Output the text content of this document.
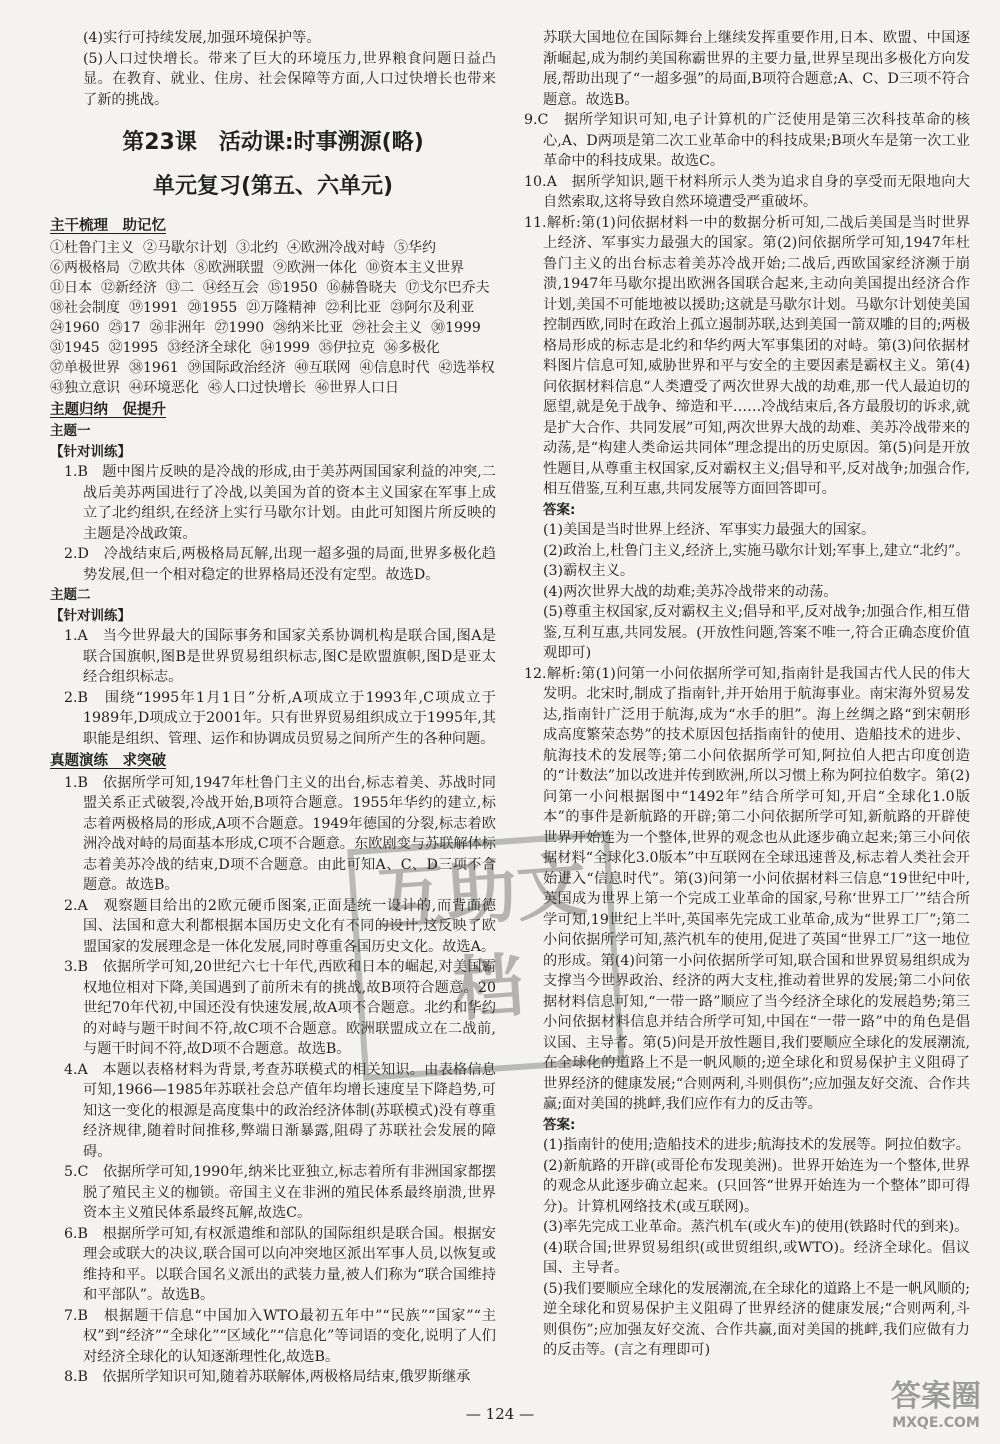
(4)实行可持续发展,加强环境保护等。

(5)人口过快增长。带来了巨大的环境压力,世界粮食问题日益凸显。在教育、就业、住房、社会保障等方面,人口过快增长也带来了新的挑战。

第23课　活动课:时事溯源(略)
单元复习(第五、六单元)
主干梳理　助记忆
①杜鲁门主义 ②马歇尔计划 ③北约 ④欧洲冷战对峙 ⑤华约
⑥两极格局 ⑦欧共体 ⑧欧洲联盟 ⑨欧洲一体化 ⑩资本主义世界
⑪日本 ⑫新经济 ⑬二 ⑭经互会 ⑮1950 ⑯赫鲁晓夫 ⑰戈尔巴乔夫
⑱社会制度 ⑲1991 ⑳1955 ㉑万隆精神 ㉒利比亚 ㉓阿尔及利亚
㉔1960 ㉕17 ㉖非洲年 ㉗1990 ㉘纳米比亚 ㉙社会主义 ㉚1999
㉛1945 ㉜1995 ㉝经济全球化 ㉞1999 ㉟伊拉克 ㊱多极化
㊲单极世界 ㊳1961 ㊴国际政治经济 ㊵互联网 ㊶信息时代 ㊷选举权
㊸独立意识 ㊹环境恶化 ㊺人口过快增长 ㊻世界人口日
主题归纳　促提升
主题一
【针对训练】

1.B　题中图片反映的是冷战的形成,由于美苏两国国家利益的冲突,二战后美苏两国进行了冷战,以美国为首的资本主义国家在军事上成立了北约组织,在经济上实行马歇尔计划。由此可知图片所反映的主题是冷战政策。

2.D　冷战结束后,两极格局瓦解,出现一超多强的局面,世界多极化趋势发展,但一个相对稳定的世界格局还没有定型。故选D。

主题二
【针对训练】

1.A　当今世界最大的国际事务和国家关系协调机构是联合国,图A是联合国旗帜,图B是世界贸易组织标志,图C是欧盟旗帜,图D是亚太经合组织标志。

2.B　围绕“1995年1月1日”分析,A项成立于1993年,C项成立于1989年,D项成立于2001年。只有世界贸易组织成立于1995年,其职能是组织、管理、运作和协调成员贸易之间所产生的各种问题。

真题演练　求突破

1.B　依据所学可知,1947年杜鲁门主义的出台,标志着美、苏战时同盟关系正式破裂,冷战开始,B项符合题意。1955年华约的建立,标志着两极格局的形成,A项不合题意。1949年德国的分裂,标志着欧洲冷战对峙的局面基本形成,C项不合题意。东欧剧变与苏联解体标志着美苏冷战的结束,D项不合题意。由此可知A、C、D三项不合题意。故选B。

2.A　观察题目给出的2欧元硬币图案,正面是统一设计的,而背面德国、法国和意大利都根据本国历史文化有不同的设计,这反映了欧盟国家的发展理念是一体化发展,同时尊重各国历史文化。故选A。

3.B　依据所学可知,20世纪六七十年代,西欧和日本的崛起,对美国霸权地位相对下降,美国遇到了前所未有的挑战,故B项符合题意。20世纪70年代初,中国还没有快速发展,故A项不合题意。北约和华约的对峙与题干时间不符,故C项不合题意。欧洲联盟成立在二战前,与题干时间不符,故D项不合题意。故选B。

4.A　本题以表格材料为背景,考查苏联模式的相关知识。由表格信息可知,1966—1985年苏联社会总产值年均增长速度呈下降趋势,可知这一变化的根源是高度集中的政治经济体制(苏联模式)没有尊重经济规律,随着时间推移,弊端日渐暴露,阻碍了苏联社会发展的障碍。

5.C　依据所学可知,1990年,纳米比亚独立,标志着所有非洲国家都摆脱了殖民主义的枷锁。帝国主义在非洲的殖民体系最终崩溃,世界资本主义殖民体系最终瓦解,故选C。

6.B　根据所学可知,有权派遣维和部队的国际组织是联合国。根据安理会或联大的决议,联合国可以向冲突地区派出军事人员,以恢复或维持和平。以联合国名义派出的武装力量,被人们称为“联合国维持和平部队”。故选B。

7.B　根据题干信息“中国加入WTO最初五年中”“民族”“国家”“主权”到“经济”“全球化”“区域化”“信息化”等词语的变化,说明了人们对经济全球化的认知逐渐理性化,故选B。

8.B　依据所学知识可知,随着苏联解体,两极格局结束,俄罗斯继承

苏联大国地位在国际舞台上继续发挥重要作用,日本、欧盟、中国逐渐崛起,成为制约美国称霸世界的主要力量,世界呈现出多极化方向发展,帮助出现了“一超多强”的局面,B项符合题意;A、C、D三项不符合题意。故选B。

9.C　据所学知识可知,电子计算机的广泛使用是第三次科技革命的核心,A、D两项是第二次工业革命中的科技成果;B项火车是第一次工业革命中的科技成果。故选C。

10.A　据所学知识,题干材料所示人类为追求自身的享受而无限地向大自然索取,这将导致自然环境遭受严重破坏。

11.解析:第(1)问依据材料一中的数据分析可知,二战后美国是当时世界上经济、军事实力最强大的国家。第(2)问依据所学可知,1947年杜鲁门主义的出台标志着美苏冷战开始;二战后,西欧国家经济濒于崩溃,1947年马歇尔提出欧洲各国联合起来,主动向美国提出经济合作计划,美国不可能地被以援助;这就是马歇尔计划。马歇尔计划使美国控制西欧,同时在政治上孤立遏制苏联,达到美国一箭双雕的目的;两极格局形成的标志是北约和华约两大军事集团的对峙。第(3)问依据材料图片信息可知,威胁世界和平与安全的主要因素是霸权主义。第(4)问依据材料信息“人类遭受了两次世界大战的劫难,那一代人最迫切的愿望,就是免于战争、缔造和平……冷战结束后,各方最殷切的诉求,就是扩大合作、共同发展”可知,两次世界大战的劫难、美苏冷战带来的动荡,是“构建人类命运共同体”理念提出的历史原因。第(5)问是开放性题目,从尊重主权国家,反对霸权主义;倡导和平,反对战争;加强合作,相互借鉴,互利互惠,共同发展等方面回答即可。

答案:

(1)美国是当时世界上经济、军事实力最强大的国家。

(2)政治上,杜鲁门主义,经济上,实施马歇尔计划;军事上,建立“北约”。

(3)霸权主义。

(4)两次世界大战的劫难;美苏冷战带来的动荡。

(5)尊重主权国家,反对霸权主义;倡导和平,反对战争;加强合作,相互借鉴,互利互惠,共同发展。(开放性问题,答案不唯一,符合正确态度价值观即可)

12.解析:第(1)问第一小问依据所学可知,指南针是我国古代人民的伟大发明。北宋时,制成了指南针,并开始用于航海事业。南宋海外贸易发达,指南针广泛用于航海,成为“水手的胆”。海上丝绸之路“到宋朝形成高度繁荣态势”的技术原因包括指南针的使用、造船技术的进步、航海技术的发展等;第二小问依据所学可知,阿拉伯人把古印度创造的“计数法”加以改进并传到欧洲,所以习惯上称为阿拉伯数字。第(2)问第一小问根据图中“1492年”结合所学可知,开启“全球化1.0版本”的事件是新航路的开辟;第二小问依据所学可知,新航路的开辟使世界开始连为一个整体,世界的观念也从此逐步确立起来;第三小问依据材料“全球化3.0版本”中互联网在全球迅速普及,标志着人类社会开始进入“信息时代”。第(3)问第一小问依据材料三信息“19世纪中叶,英国成为世界上第一个完成工业革命的国家,号称‘世界工厂’”结合所学可知,19世纪上半叶,英国率先完成工业革命,成为“世界工厂”;第二小问依据所学可知,蒸汽机车的使用,促进了英国“世界工厂”这一地位的形成。第(4)问第一小问依据所学可知,联合国和世界贸易组织成为支撑当今世界政治、经济的两大支柱,推动着世界的发展;第二小问依据材料信息可知,“一带一路”顺应了当今经济全球化的发展趋势;第三小问依据材料信息并结合所学可知,中国在“一带一路”中的角色是倡议国、主导者。第(5)问是开放性题目,我们要顺应全球化的发展潮流,在全球化的道路上不是一帆风顺的;逆全球化和贸易保护主义阻碍了世界经济的健康发展;“合则两利,斗则俱伤”;应加强友好交流、合作共赢;面对美国的挑衅,我们应作有力的反击等。

答案:

(1)指南针的使用;造船技术的进步;航海技术的发展等。阿拉伯数字。

(2)新航路的开辟(或哥伦布发现美洲)。世界开始连为一个整体,世界的观念从此逐步确立起来。(只回答“世界开始连为一个整体”即可得分)。计算机网络技术(或互联网)。

(3)率先完成工业革命。蒸汽机车(或火车)的使用(铁路时代的到来)。

(4)联合国;世界贸易组织(或世贸组织,或WTO)。经济全球化。倡议国、主导者。

(5)我们要顺应全球化的发展潮流,在全球化的道路上不是一帆风顺的;逆全球化和贸易保护主义阻碍了世界经济的健康发展;“合则两利,斗则俱伤”;应加强友好交流、合作共赢,面对美国的挑衅,我们应做有力的反击等。(言之有理即可)

互助文档
答案圈
MXQE.COM
— 124 —
